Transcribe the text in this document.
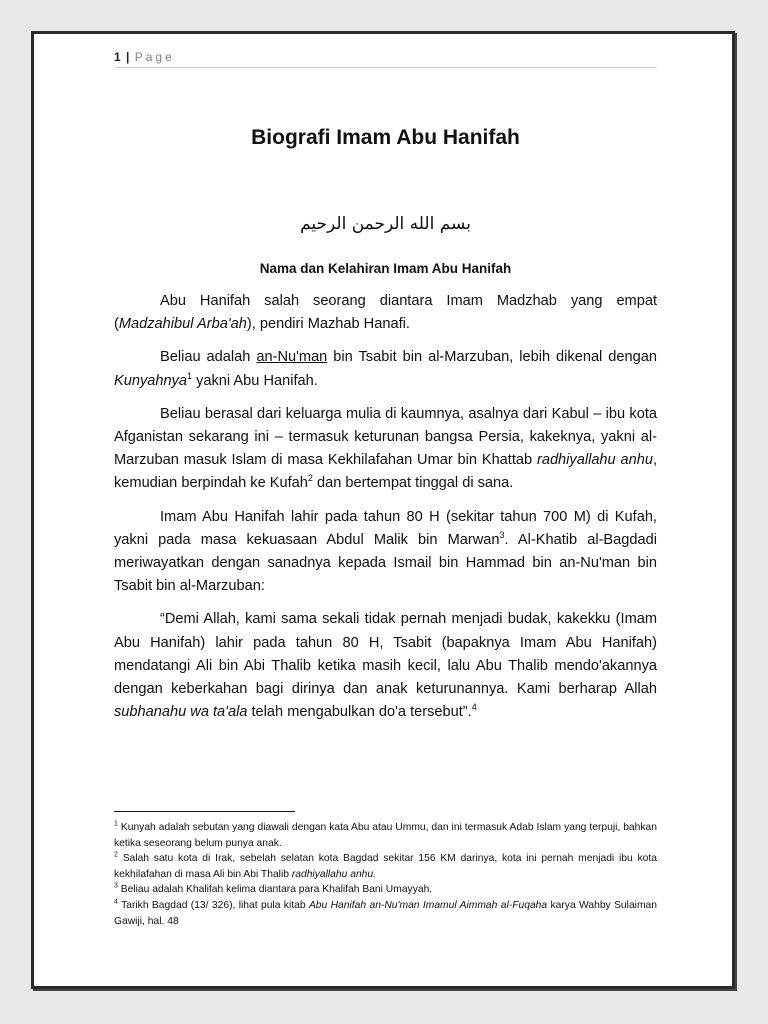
1 | Page
Biografi Imam Abu Hanifah
بسم الله الرحمن الرحيم
Nama dan Kelahiran Imam Abu Hanifah

Abu Hanifah salah seorang diantara Imam Madzhab yang empat (Madzahibul Arba'ah), pendiri Mazhab Hanafi.

Beliau adalah an-Nu'man bin Tsabit bin al-Marzuban, lebih dikenal dengan Kunyahnya$^1$ yakni Abu Hanifah.

Beliau berasal dari keluarga mulia di kaumnya, asalnya dari Kabul – ibu kota Afganistan sekarang ini – termasuk keturunan bangsa Persia, kakeknya, yakni al-Marzuban masuk Islam di masa Kekhilafahan Umar bin Khattab radhiyallahu anhu, kemudian berpindah ke Kufah$^2$ dan bertempat tinggal di sana.

Imam Abu Hanifah lahir pada tahun 80 H (sekitar tahun 700 M) di Kufah, yakni pada masa kekuasaan Abdul Malik bin Marwan$^3$. Al-Khatib al-Bagdadi meriwayatkan dengan sanadnya kepada Ismail bin Hammad bin an-Nu'man bin Tsabit bin al-Marzuban:

“Demi Allah, kami sama sekali tidak pernah menjadi budak, kakekku (Imam Abu Hanifah) lahir pada tahun 80 H, Tsabit (bapaknya Imam Abu Hanifah) mendatangi Ali bin Abi Thalib ketika masih kecil, lalu Abu Thalib mendo'akannya dengan keberkahan bagi dirinya dan anak keturunannya. Kami berharap Allah subhanahu wa ta'ala telah mengabulkan do'a tersebut”.$^4$

$^1$ Kunyah adalah sebutan yang diawali dengan kata Abu atau Ummu, dan ini termasuk Adab Islam yang terpuji, bahkan ketika seseorang belum punya anak.

$^2$ Salah satu kota di Irak, sebelah selatan kota Bagdad sekitar 156 KM darinya, kota ini pernah menjadi ibu kota kekhilafahan di masa Ali bin Abi Thalib radhiyallahu anhu.

$^3$ Beliau adalah Khalifah kelima diantara para Khalifah Bani Umayyah.

$^4$ Tarikh Bagdad (13/ 326), lihat pula kitab Abu Hanifah an-Nu'man Imamul Aimmah al-Fuqaha karya Wahby Sulaiman Gawiji, hal. 48
